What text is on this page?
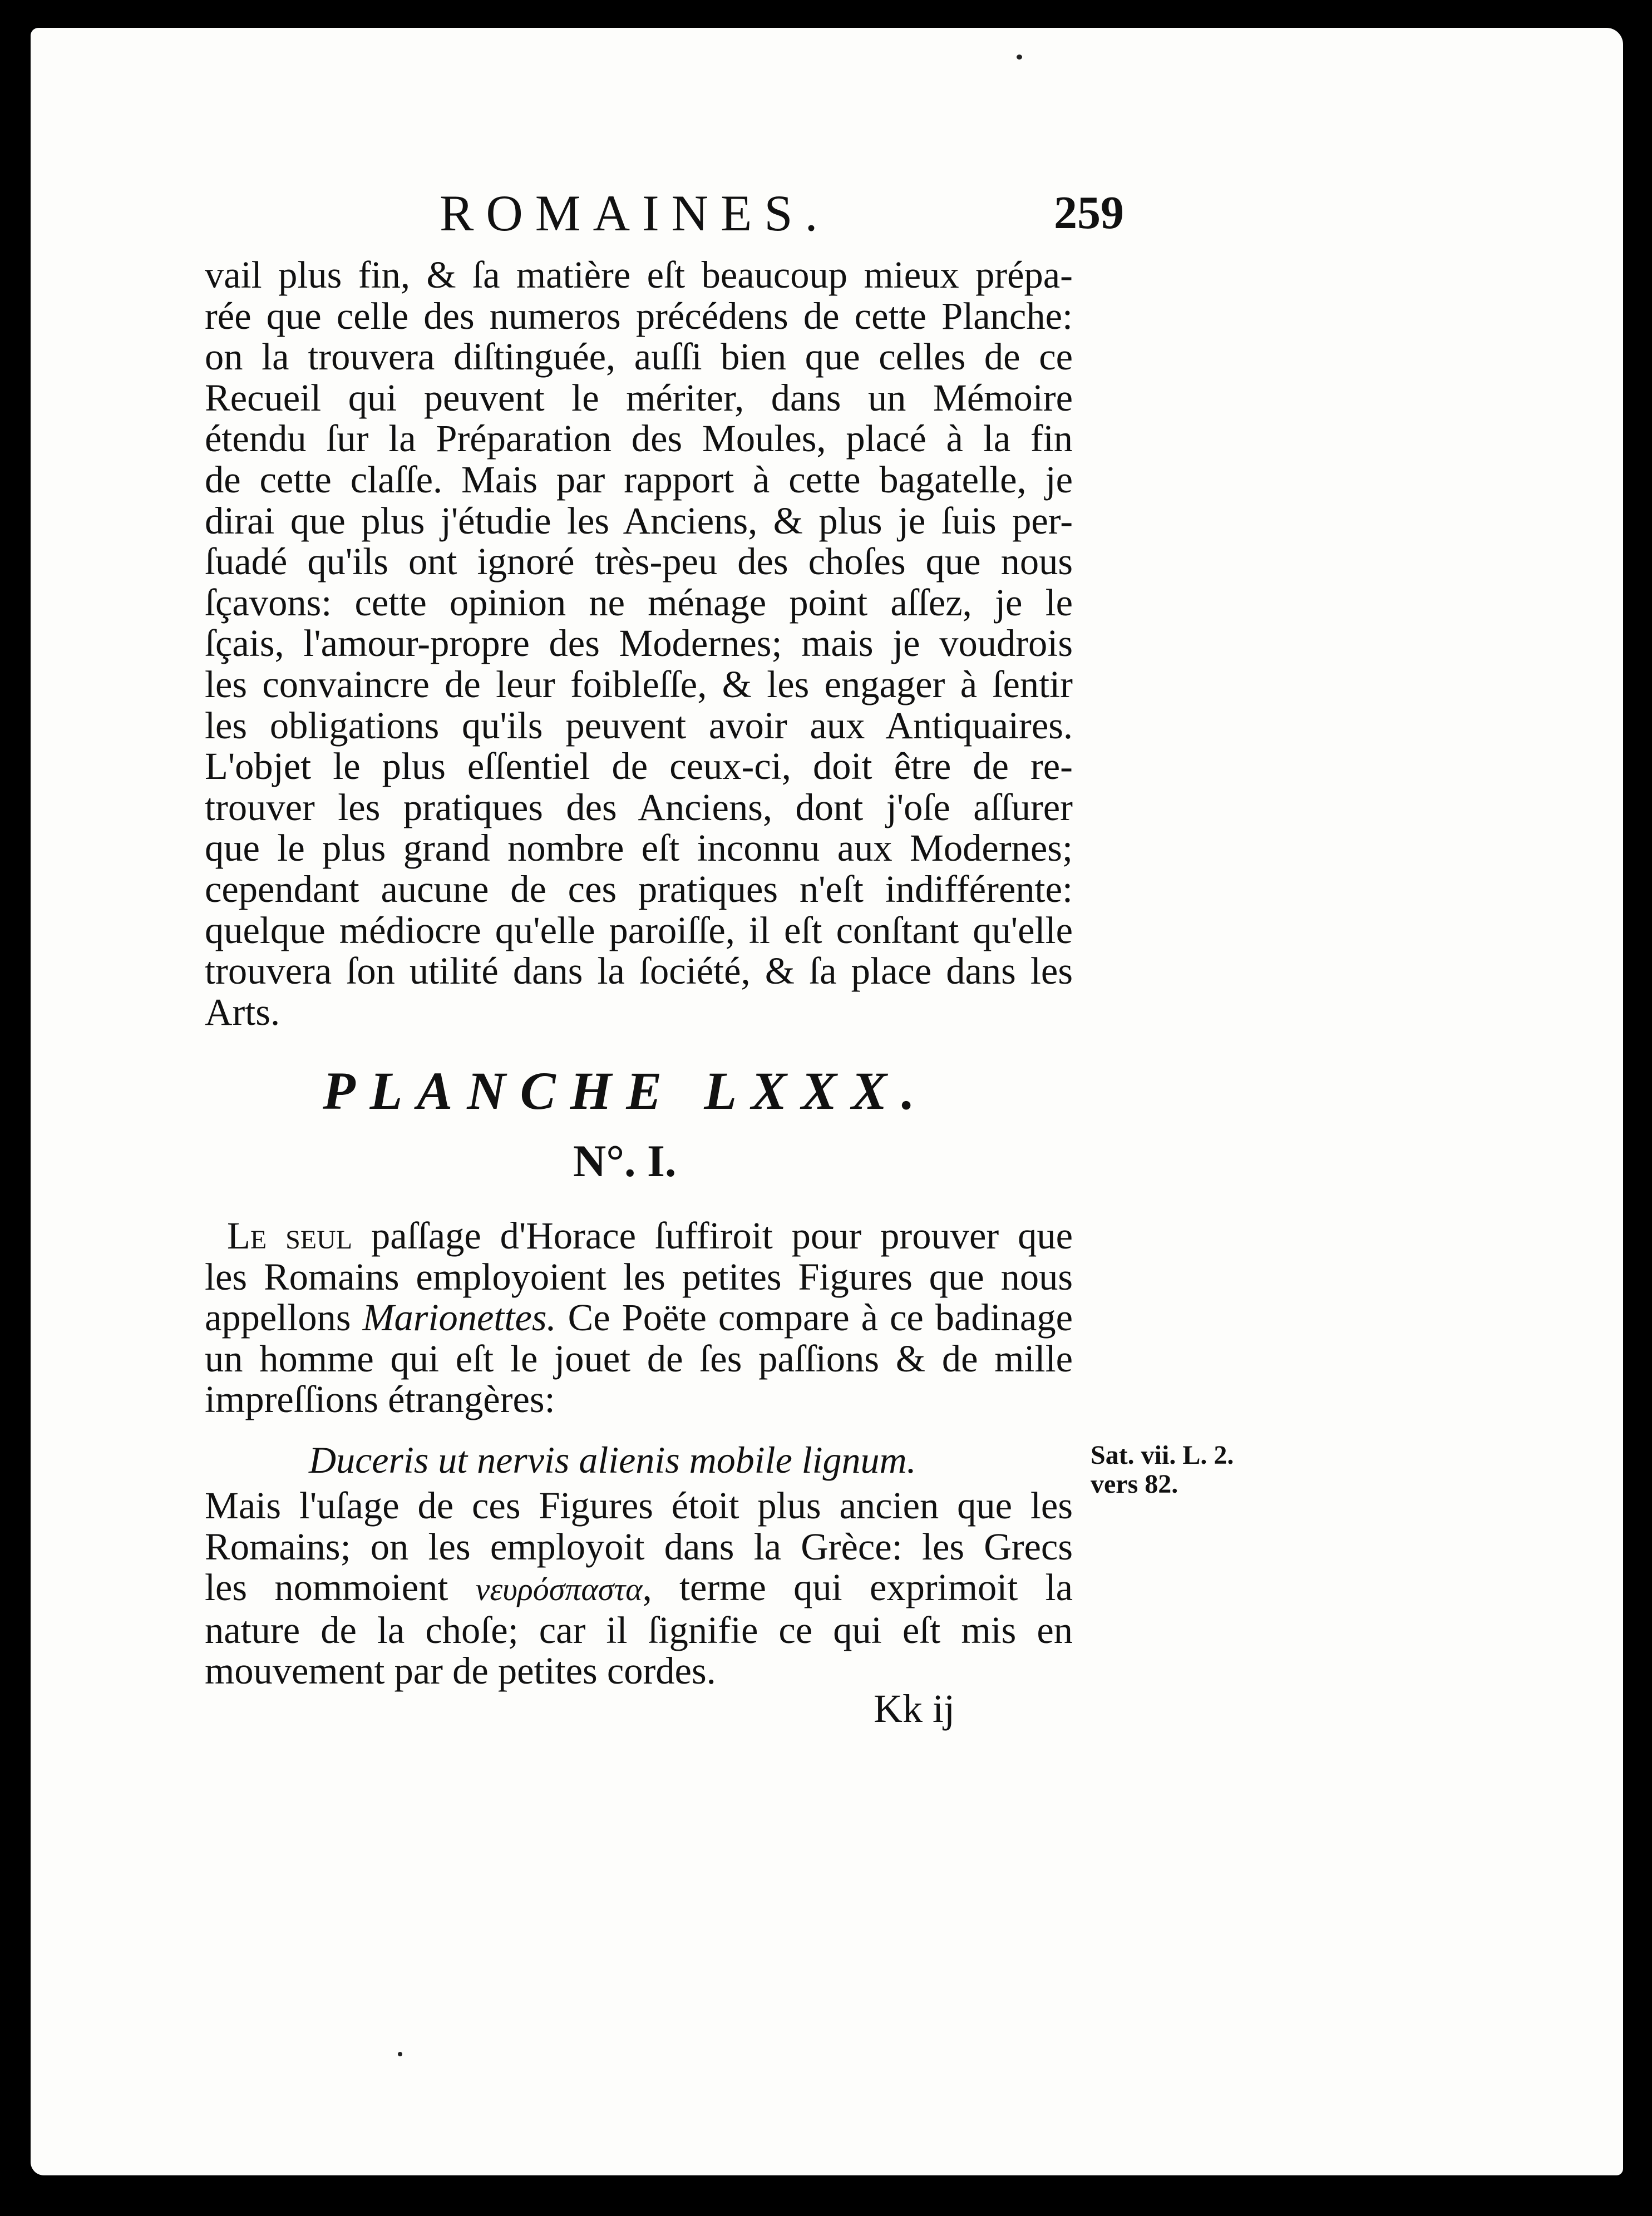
ROMAINES.	259
vail plus fin, & ſa matière eſt beaucoup mieux prépa-
rée que celle des numeros précédens de cette Planche:
on la trouvera diſtinguée, auſſi bien que celles de ce
Recueil qui peuvent le mériter, dans un Mémoire
étendu ſur la Préparation des Moules, placé à la fin
de cette claſſe. Mais par rapport à cette bagatelle, je
dirai que plus j'étudie les Anciens, & plus je ſuis per-
ſuadé qu'ils ont ignoré très-peu des choſes que nous
ſçavons: cette opinion ne ménage point aſſez, je le
ſçais, l'amour-propre des Modernes; mais je voudrois
les convaincre de leur foibleſſe, & les engager à ſentir
les obligations qu'ils peuvent avoir aux Antiquaires.
L'objet le plus eſſentiel de ceux-ci, doit être de re-
trouver les pratiques des Anciens, dont j'oſe aſſurer
que le plus grand nombre eſt inconnu aux Modernes;
cependant aucune de ces pratiques n'eſt indifférente:
quelque médiocre qu'elle paroiſſe, il eſt conſtant qu'elle
trouvera ſon utilité dans la ſociété, & ſa place dans les
Arts.
PLANCHE LXXX.
N°. I.
Le seul paſſage d'Horace ſuffiroit pour prouver que
les Romains employoient les petites Figures que nous
appellons Marionettes. Ce Poëte compare à ce badinage
un homme qui eſt le jouet de ſes paſſions & de mille
impreſſions étrangères:
Duceris ut nervis alienis mobile lignum.	Sat. vii. L. 2.
vers 82.
Mais l'uſage de ces Figures étoit plus ancien que les
Romains; on les employoit dans la Grèce: les Grecs
les nommoient νευρόσπαστα, terme qui exprimoit la
nature de la choſe; car il ſignifie ce qui eſt mis en
mouvement par de petites cordes.
Kk ij
